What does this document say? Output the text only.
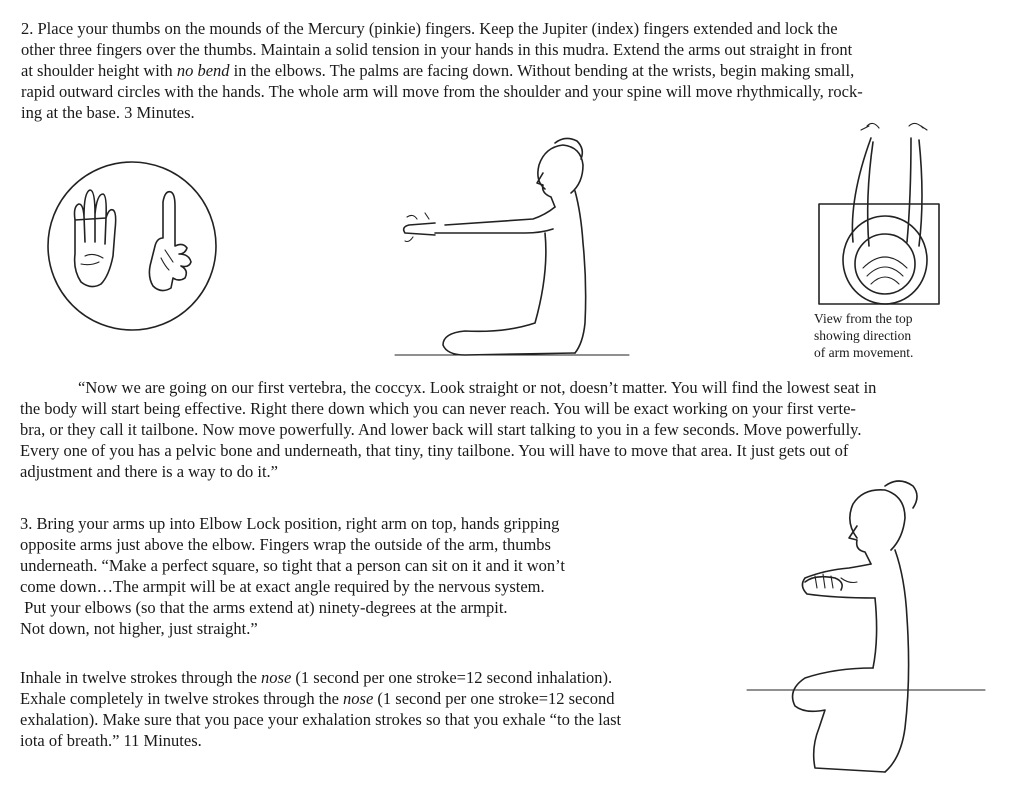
2. Place your thumbs on the mounds of the Mercury (pinkie) fingers. Keep the Jupiter (index) fingers extended and lock the
other three fingers over the thumbs. Maintain a solid tension in your hands in this mudra. Extend the arms out straight in front
at shoulder height with no bend in the elbows. The palms are facing down. Without bending at the wrists, begin making small,
rapid outward circles with the hands. The whole arm will move from the shoulder and your spine will move rhythmically, rock-
ing at the base. 3 Minutes.
View from the top
showing direction
of arm movement.
“Now we are going on our first vertebra, the coccyx. Look straight or not, doesn’t matter. You will find the lowest seat in
the body will start being effective. Right there down which you can never reach. You will be exact working on your first verte-
bra, or they call it tailbone. Now move powerfully. And lower back will start talking to you in a few seconds. Move powerfully.
Every one of you has a pelvic bone and underneath, that tiny, tiny tailbone. You will have to move that area. It just gets out of
adjustment and there is a way to do it.”
3. Bring your arms up into Elbow Lock position, right arm on top, hands gripping
opposite arms just above the elbow. Fingers wrap the outside of the arm, thumbs
underneath. “Make a perfect square, so tight that a person can sit on it and it won’t
come down…The armpit will be at exact angle required by the nervous system.
Put your elbows (so that the arms extend at) ninety-degrees at the armpit.
Not down, not higher, just straight.”
Inhale in twelve strokes through the nose (1 second per one stroke=12 second inhalation).
Exhale completely in twelve strokes through the nose (1 second per one stroke=12 second
exhalation). Make sure that you pace your exhalation strokes so that you exhale “to the last
iota of breath.” 11 Minutes.
